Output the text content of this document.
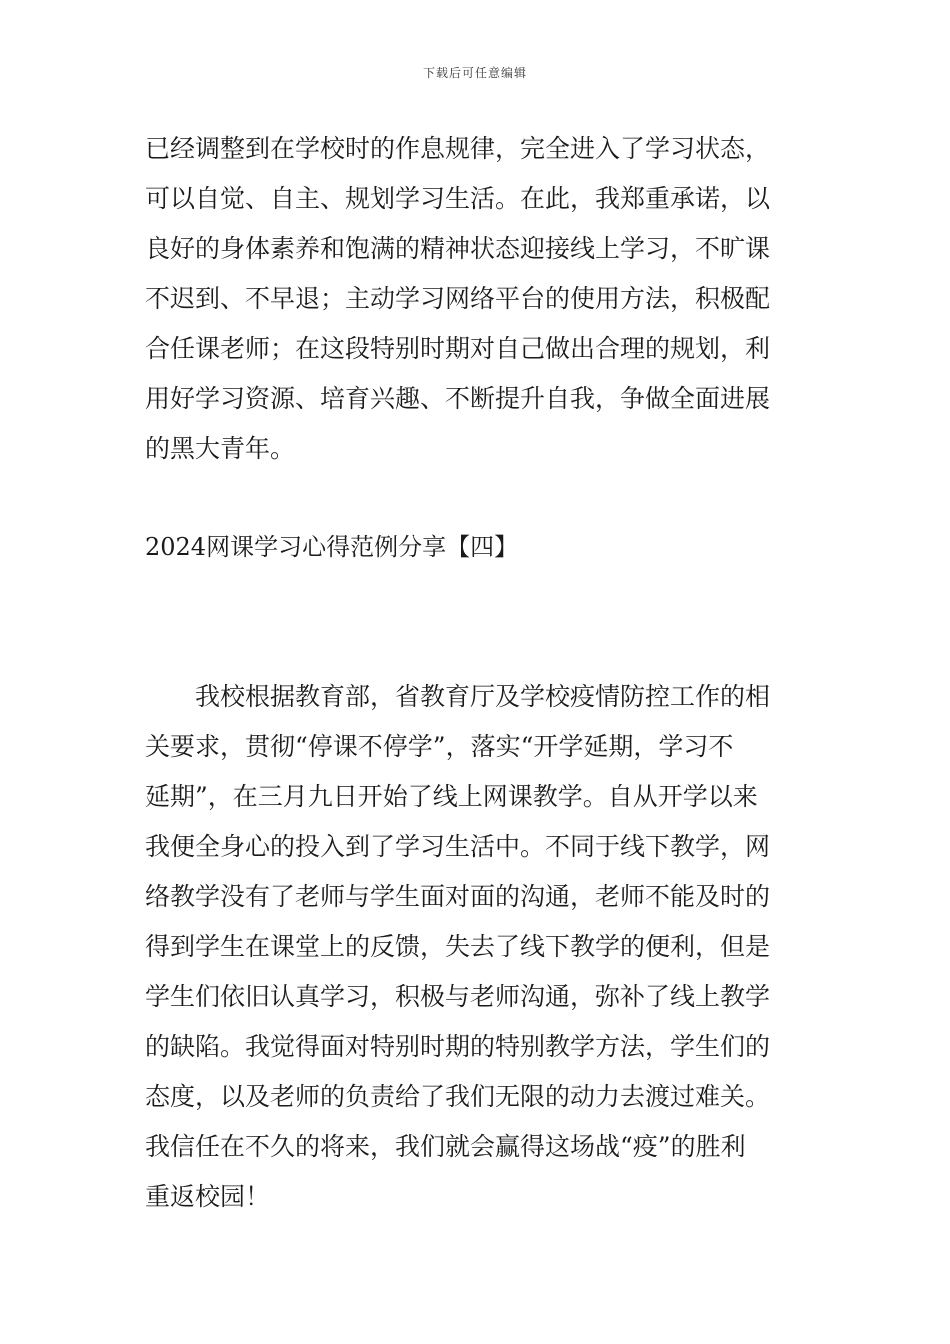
下载后可任意编辑
已经调整到在学校时的作息规律，完全进入了学习状态，
可以自觉、自主、规划学习生活。在此，我郑重承诺，以
良好的身体素养和饱满的精神状态迎接线上学习，不旷课
不迟到、不早退；主动学习网络平台的使用方法，积极配
合任课老师；在这段特别时期对自己做出合理的规划，利
用好学习资源、培育兴趣、不断提升自我，争做全面进展
的黑大青年。
2024网课学习心得范例分享【四】
　　我校根据教育部，省教育厅及学校疫情防控工作的相
关要求，贯彻“停课不停学”，落实“开学延期，学习不
延期”，在三月九日开始了线上网课教学。自从开学以来
我便全身心的投入到了学习生活中。不同于线下教学，网
络教学没有了老师与学生面对面的沟通，老师不能及时的
得到学生在课堂上的反馈，失去了线下教学的便利，但是
学生们依旧认真学习，积极与老师沟通，弥补了线上教学
的缺陷。我觉得面对特别时期的特别教学方法，学生们的
态度，以及老师的负责给了我们无限的动力去渡过难关。
我信任在不久的将来，我们就会赢得这场战“疫”的胜利
重返校园！
